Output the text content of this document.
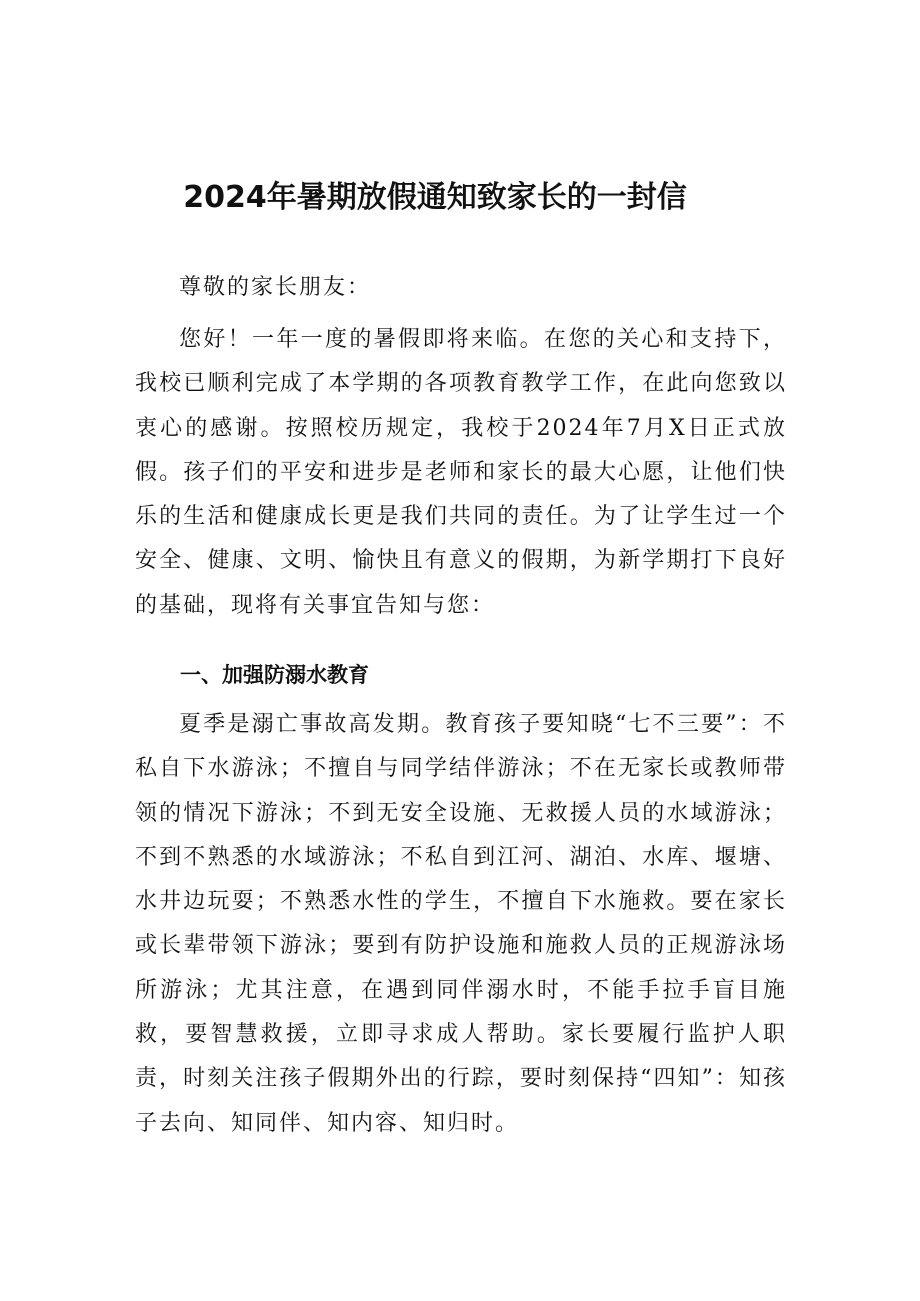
2024年暑期放假通知致家长的一封信

尊敬的家长朋友：

您好！一年一度的暑假即将来临。在您的关心和支持下，我校已顺利完成了本学期的各项教育教学工作，在此向您致以衷心的感谢。按照校历规定，我校于2024年7月X日正式放假。孩子们的平安和进步是老师和家长的最大心愿，让他们快乐的生活和健康成长更是我们共同的责任。为了让学生过一个安全、健康、文明、愉快且有意义的假期，为新学期打下良好的基础，现将有关事宜告知与您：

一、加强防溺水教育

夏季是溺亡事故高发期。教育孩子要知晓“七不三要”：不私自下水游泳；不擅自与同学结伴游泳；不在无家长或教师带领的情况下游泳；不到无安全设施、无救援人员的水域游泳；不到不熟悉的水域游泳；不私自到江河、湖泊、水库、堰塘、水井边玩耍；不熟悉水性的学生，不擅自下水施救。要在家长或长辈带领下游泳；要到有防护设施和施救人员的正规游泳场所游泳；尤其注意，在遇到同伴溺水时，不能手拉手盲目施救，要智慧救援，立即寻求成人帮助。家长要履行监护人职责，时刻关注孩子假期外出的行踪，要时刻保持“四知”：知孩子去向、知同伴、知内容、知归时。
